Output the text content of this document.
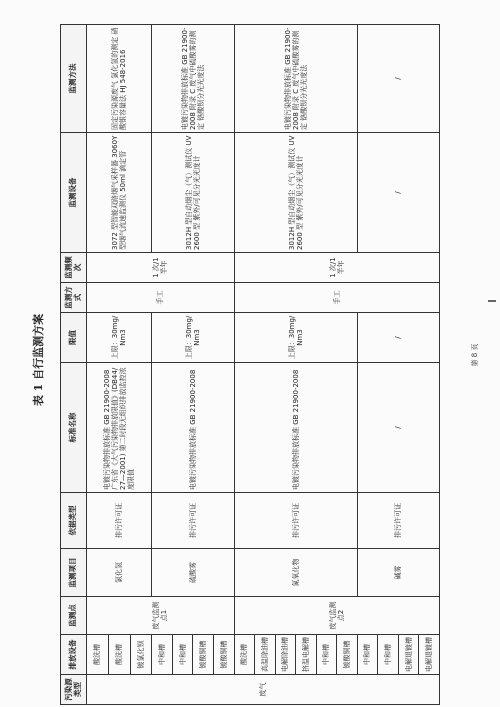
表 1 自行监测方案
污染源类型	排放设备	监测点	监测项目	依据类型	标准名称	限值	监测方式	监测频次	监测设备	监测方法
废气	酸洗槽	废气监测点1	氯化氢	排污许可证	电镀污染物排放标准 GB 21900-2008 广东省《大气污染物排放限值》(DB44/27—2001) 第二时段无组织排放监控浓度限值	上限：30mg/Nm3	手工	1 次/1 半年	3072 型智能双路烟气采样器 3060Y 型烟气流速监测仪 50ml 滴定管	固定污染源废气 氯化氢的测定 硝酸银容量法 HJ 548-2016
	酸洗槽									
	镀氯化钡									
	中和槽		硫酸雾	排污许可证	电镀污染物排放标准 GB 21900-2008	上限：30mg/Nm3			3012H 型自动烟尘（气）测试仪 UV2600 型 紫外/可见分光光度计	电镀污染物排放标准 GB 21900-2008 附录 C 废气中硫酸雾的测定 铬酸钡分光光度法
	中和槽									
	镀酸铜槽									
	镀酸铜槽									
	酸洗槽	废气监测点2	氮氧化物	排污许可证	电镀污染物排放标准 GB 21900-2008	上限：30mg/Nm3	手工	1 次/1 半年	3012H 型自动烟尘（气）测试仪 UV2600 型 紫外/可见分光光度计	电镀污染物排放标准 GB 21900-2008 附录 C 废气中硫酸雾的测定 铬酸钡分光光度法
	高温除油槽									
	电解除油槽									
	挤温电解槽									
	中和槽									
	镀酸铜槽									
	中和槽		碱雾	排污许可证	/	/			/	/
	中和槽									
	电解退镀槽									
	电解退镀槽									
第 8 页
